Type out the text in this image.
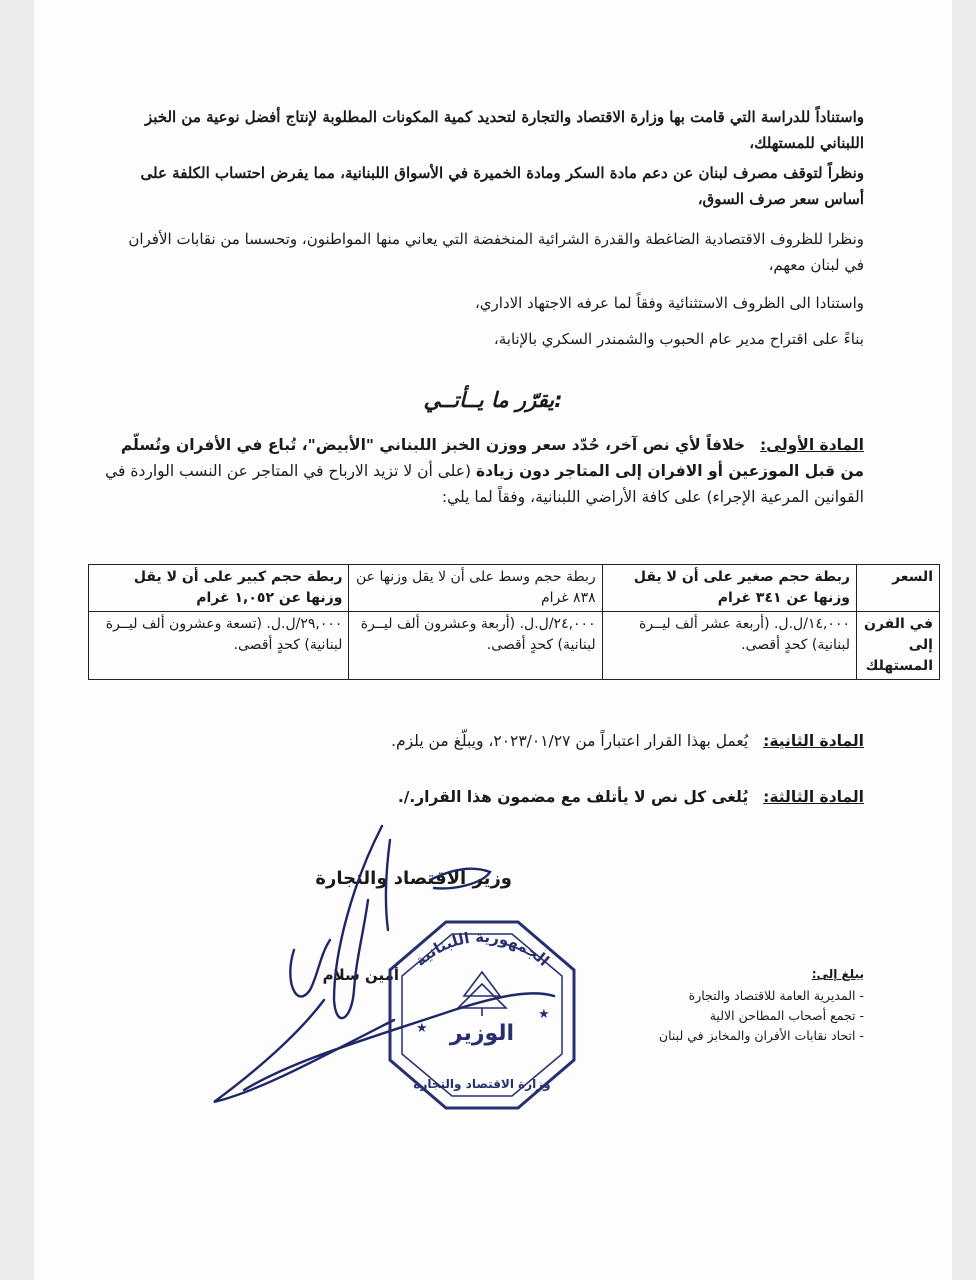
واستناداً للدراسة التي قامت بها وزارة الاقتصاد والتجارة لتحديد كمية المكونات المطلوبة لإنتاج أفضل نوعية من الخبز اللبناني للمستهلك،
ونظراً لتوقف مصرف لبنان عن دعم مادة السكر ومادة الخميرة في الأسواق اللبنانية، مما يفرض احتساب الكلفة على أساس سعر صرف السوق،
ونظرا للظروف الاقتصادية الضاغطة والقدرة الشرائية المنخفضة التي يعاني منها المواطنون، وتحسسا من نقابات الأفران في لبنان معهم،
واستنادا الى الظروف الاستثنائية وفقاً لما عرفه الاجتهاد الاداري،
بناءً على اقتراح مدير عام الحبوب والشمندر السكري بالإنابة،
يقرّر ما يــأتــي:
المادة الأولى: خلافاً لأي نص آخر، حُدّد سعر ووزن الخبز اللبناني "الأبيض"، تُباع في الأفران وتُسلّم من قبل الموزعين أو الافران إلى المتاجر دون زيادة (على أن لا تزيد الارباح في المتاجر عن النسب الواردة في القوانين المرعية الإجراء) على كافة الأراضي اللبنانية، وفقاً لما يلي:
السعر	ربطة حجم صغير على أن لا يقل وزنها عن ٣٤١ غرام	ربطة حجم وسط على أن لا يقل وزنها عن ٨٣٨ غرام	ربطة حجم كبير على أن لا يقل وزنها عن ١,٠٥٢ غرام
في الفرن إلى المستهلك	١٤,٠٠٠/ل.ل. (أربعة عشر ألف ليــرة لبنانية) كحدٍ أقصى.	٢٤,٠٠٠/ل.ل. (أربعة وعشرون ألف ليــرة لبنانية) كحدٍ أقصى.	٢٩,٠٠٠/ل.ل. (تسعة وعشرون ألف ليــرة لبنانية) كحدٍ أقصى.
المادة الثانية: يُعمل بهذا القرار اعتباراً من ٢٠٢٣/٠١/٢٧، ويبلّغ من يلزم.
المادة الثالثة: يُلغى كل نص لا يأتلف مع مضمون هذا القرار./.
وزير الاقتصاد والتجارة
أمين سلام	يبلغ إلى:
- المديرية العامة للاقتصاد والتجارة
- تجمع أصحاب المطاحن الالية
- اتحاد نقابات الأفران والمخابز في لبنان
الجمهورية اللبنانية
الوزير
وزارة الاقتصاد والتجارة
★
★
